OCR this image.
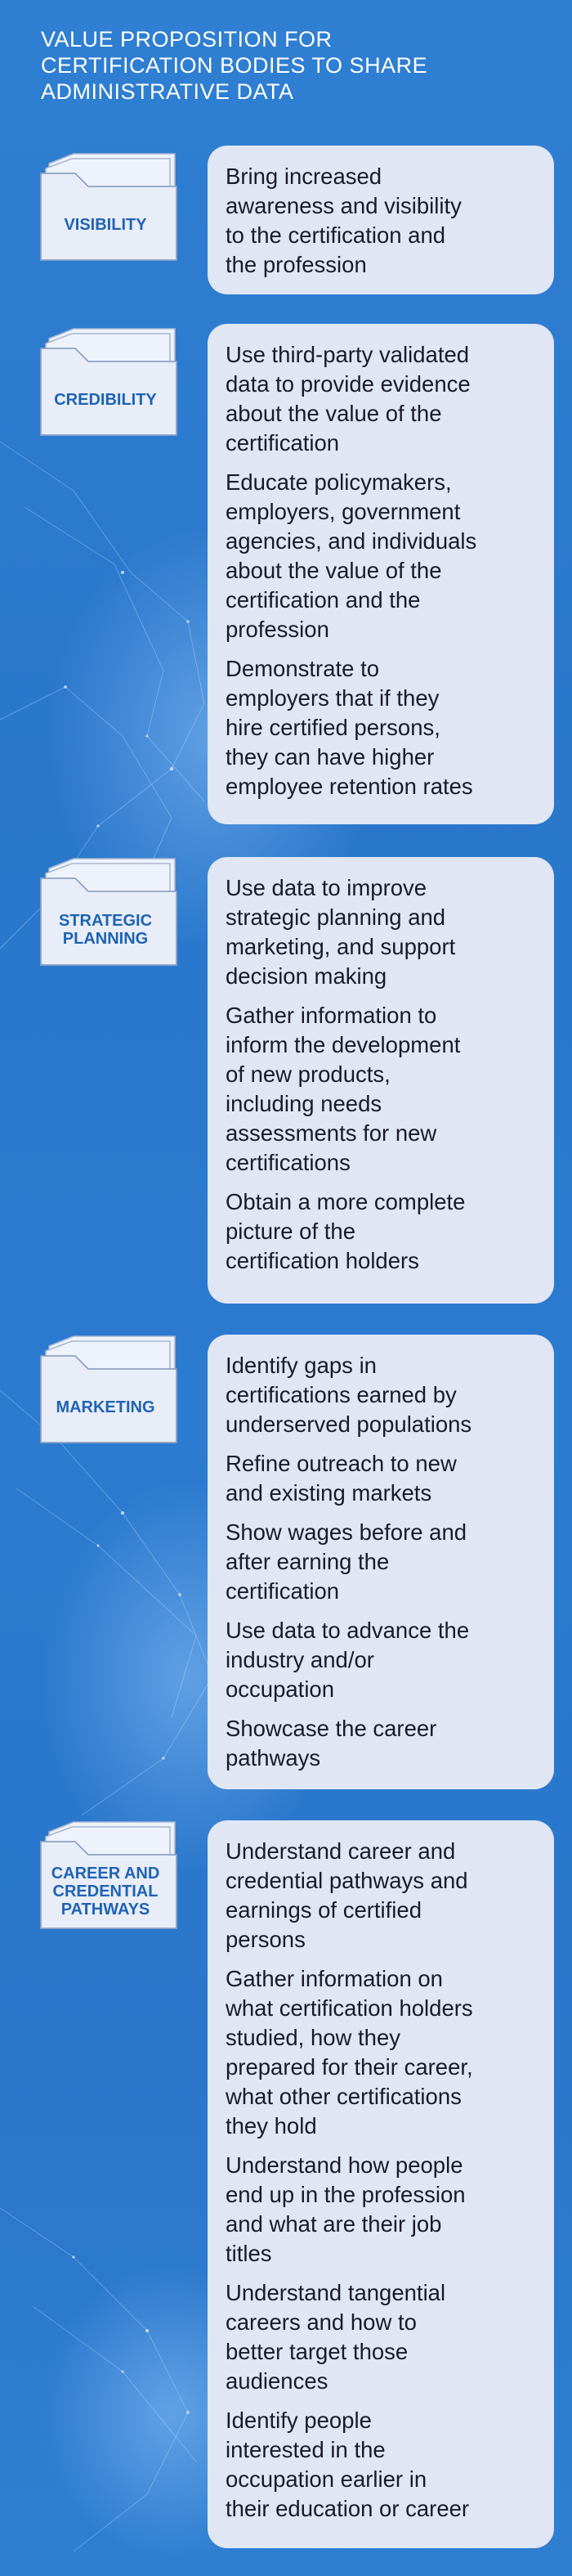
VALUE PROPOSITION FOR
CERTIFICATION BODIES TO SHARE
ADMINISTRATIVE DATA
VISIBILITY
Bring increased
awareness and visibility
to the certification and
the profession
CREDIBILITY
Use third-party validated
data to provide evidence
about the value of the
certification
Educate policymakers,
employers, government
agencies, and individuals
about the value of the
certification and the
profession
Demonstrate to
employers that if they
hire certified persons,
they can have higher
employee retention rates
STRATEGIC
PLANNING
Use data to improve
strategic planning and
marketing, and support
decision making
Gather information to
inform the development
of new products,
including needs
assessments for new
certifications
Obtain a more complete
picture of the
certification holders
MARKETING
Identify gaps in
certifications earned by
underserved populations
Refine outreach to new
and existing markets
Show wages before and
after earning the
certification
Use data to advance the
industry and/or
occupation
Showcase the career
pathways
CAREER AND
CREDENTIAL
PATHWAYS
Understand career and
credential pathways and
earnings of certified
persons
Gather information on
what certification holders
studied, how they
prepared for their career,
what other certifications
they hold
Understand how people
end up in the profession
and what are their job
titles
Understand tangential
careers and how to
better target those
audiences
Identify people
interested in the
occupation earlier in
their education or career
